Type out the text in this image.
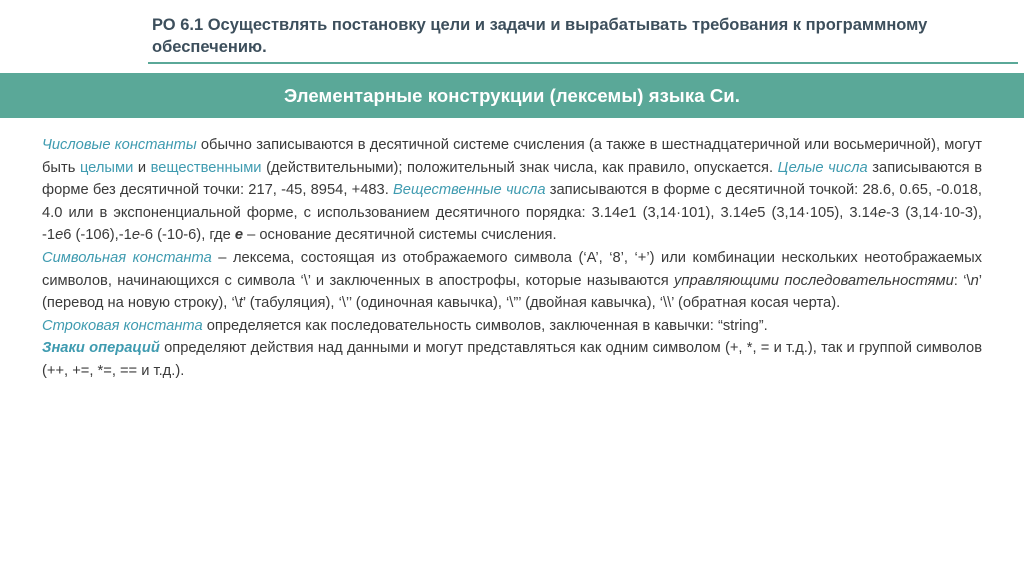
РО 6.1 Осуществлять постановку цели и задачи и вырабатывать требования к программному обеспечению.
Элементарные конструкции (лексемы) языка Си.

Числовые константы обычно записываются в десятичной системе счисления (а также в шестнадцатеричной или восьмеричной), могут быть целыми и вещественными (действительными); положительный знак числа, как правило, опускается. Целые числа записываются в форме без десятичной точки: 217, -45, 8954, +483. Вещественные числа записываются в форме с десятичной точкой: 28.6, 0.65, -0.018, 4.0 или в экспоненциальной форме, с использованием десятичного порядка: 3.14e1 (3,14·101), 3.14e5 (3,14·105), 3.14e-3 (3,14·10-3), -1e6 (-106),-1e-6 (-10-6), где e – основание десятичной системы счисления.

Символьная константа – лексема, состоящая из отображаемого символа (‘A’, ‘8’, ‘+’) или комбинации нескольких неотображаемых символов, начинающихся с символа ‘\’ и заключенных в апострофы, которые называются управляющими последовательностями: ‘\n’ (перевод на новую строку), ‘\t’ (табуляция), ‘\’’ (одиночная кавычка), ‘\”’ (двойная кавычка), ‘\\’ (обратная косая черта).

Строковая константа определяется как последовательность символов, заключенная в кавычки: “string”.

Знаки операций определяют действия над данными и могут представляться как одним символом (+, *, = и т.д.), так и группой символов (++, +=, *=, == и т.д.).
